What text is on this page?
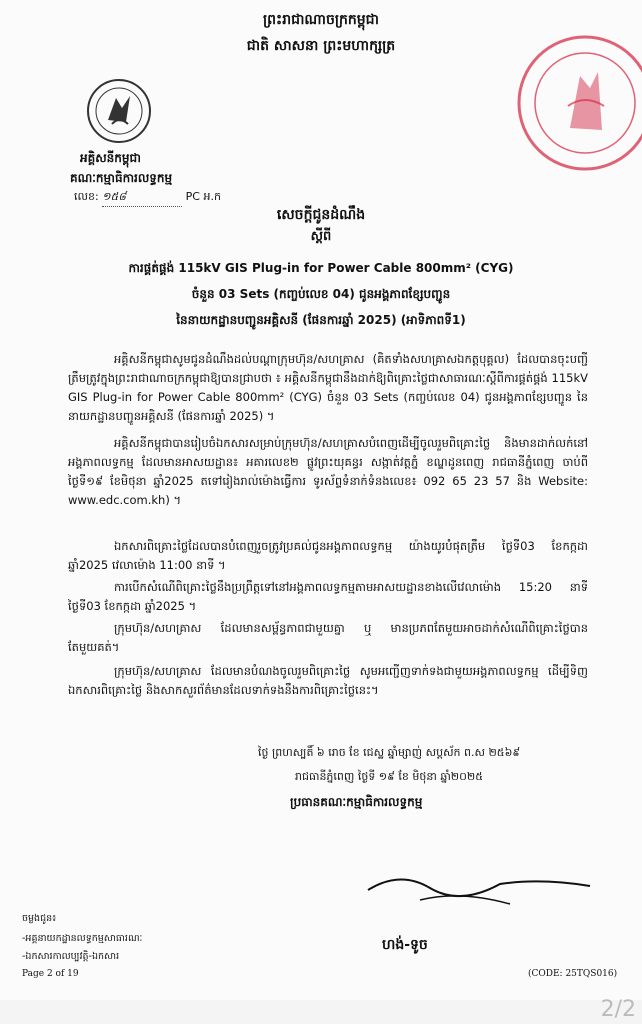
ព្រះរាជាណាចក្រកម្ពុជា
ជាតិ សាសនា ព្រះមហាក្សត្រ
អគ្គិសនីកម្ពុជា
គណៈកម្មាធិការលទ្ធកម្ម
លេខ: ១៥៨	PC អ.ក
សេចក្តីជូនដំណឹង
ស្តីពី
ការផ្គត់ផ្គង់ 115kV GIS Plug-in for Power Cable 800mm² (CYG)
ចំនួន 03 Sets (កញ្ចប់លេខ 04) ជូនអង្គភាពខ្សែបញ្ជូន
នៃនាយកដ្ឋានបញ្ជូនអគ្គិសនី (ផែនការឆ្នាំ 2025) (អាទិភាពទី1)
អគ្គិសនីកម្ពុជាសូមជូនដំណឹងដល់បណ្តាក្រុមហ៊ុន/សហគ្រាស (គិតទាំងសហគ្រាសឯកត្តបុគ្គល) ដែលបានចុះបញ្ជីត្រឹមត្រូវក្នុងព្រះរាជាណាចក្រកម្ពុជាឱ្យបានជ្រាបថា ៖ អគ្គិសនីកម្ពុជានឹងដាក់ឱ្យពិគ្រោះថ្លៃជាសាធារណៈស្តីពីការផ្គត់ផ្គង់ 115kV GIS Plug-in for Power Cable 800mm² (CYG) ចំនួន 03 Sets (កញ្ចប់លេខ 04) ជូនអង្គភាពខ្សែបញ្ជូន នៃនាយកដ្ឋានបញ្ជូនអគ្គិសនី (ផែនការឆ្នាំ 2025) ។
អគ្គិសនីកម្ពុជាបានរៀបចំឯកសារសម្រាប់ក្រុមហ៊ុន/សហគ្រាសបំពេញដើម្បីចូលរួមពិគ្រោះថ្លៃ និងមានដាក់លក់នៅអង្គភាពលទ្ធកម្ម ដែលមានអាសយដ្ឋាន៖ អគារលេខ២ ផ្លូវព្រះយុគន្ធរ សង្កាត់វត្តភ្នំ ខណ្ឌដូនពេញ រាជធានីភ្នំពេញ ចាប់ពីថ្ងៃទី១៩ ខែមិថុនា ឆ្នាំ2025 តទៅរៀងរាល់ម៉ោងធ្វើការ ទូរស័ព្ទទំនាក់ទំនងលេខ៖ 092 65 23 57 និង Website: www.edc.com.kh) ។
ឯកសារពិគ្រោះថ្លៃដែលបានបំពេញរួចត្រូវប្រគល់ជូនអង្គភាពលទ្ធកម្ម យ៉ាងយូរបំផុតត្រឹម ថ្ងៃទី03 ខែកក្កដា ឆ្នាំ2025 វេលាម៉ោង 11:00 នាទី ។
ការបើកសំណើពិគ្រោះថ្លៃនឹងប្រព្រឹត្តទៅនៅអង្គភាពលទ្ធកម្មតាមអាសយដ្ឋានខាងលើវេលាម៉ោង 15:20 នាទី ថ្ងៃទី03 ខែកក្កដា ឆ្នាំ2025 ។
ក្រុមហ៊ុន/សហគ្រាស ដែលមានសម្ព័ន្ធភាពជាមួយគ្នា ឬ មានប្រភពតែមួយអាចដាក់សំណើពិគ្រោះថ្លៃបានតែមួយគត់។
ក្រុមហ៊ុន/សហគ្រាស ដែលមានបំណងចូលរួមពិគ្រោះថ្លៃ សូមអញ្ជើញទាក់ទងជាមួយអង្គភាពលទ្ធកម្ម ដើម្បីទិញ ឯកសារពិគ្រោះថ្លៃ និងសាកសួរព័ត៌មានដែលទាក់ទងនឹងការពិគ្រោះថ្លៃនេះ។
ថ្ងៃ ព្រហស្បតិ៍ ៦ រោច ខែ ជេស្ឋ ឆ្នាំម្សាញ់ សប្តស័ក ព.ស ២៥៦៩
រាជធានីភ្នំពេញ ថ្ងៃទី ១៩ ខែ មិថុនា ឆ្នាំ២០២៥
ប្រធានគណៈកម្មាធិការលទ្ធកម្ម
ហង់-ទូច
ចម្លងជូន៖
-អគ្គនាយកដ្ឋានលទ្ធកម្មសាធារណៈ
-ឯកសារកាលប្បវត្តិ-ឯកសារ
Page 2 of 19	(CODE: 25TQS016)
2/2
